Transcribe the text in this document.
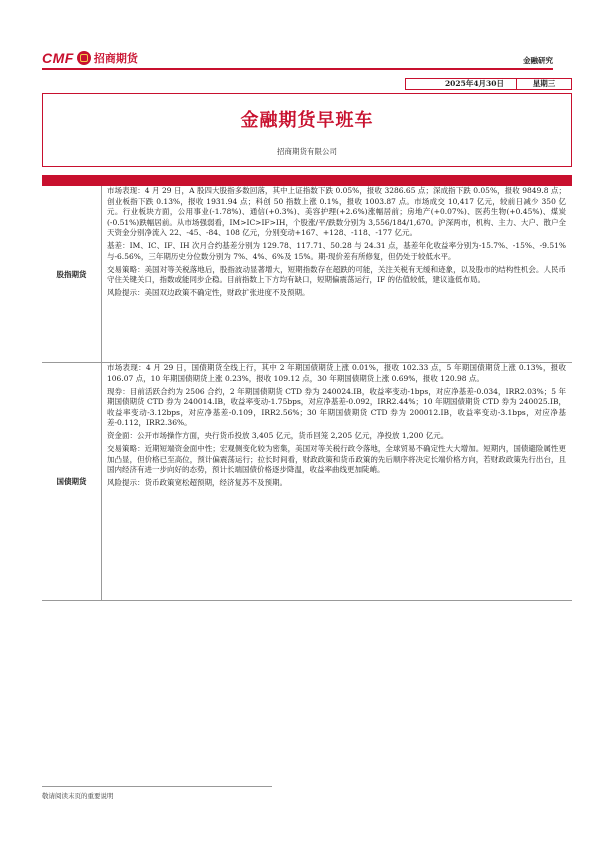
CMF 招商期货	金融研究
2025年4月30日	星期三
金融期货早班车
招商期货有限公司
股指期货

市场表现：4 月 29 日，A 股四大股指多数回落，其中上证指数下跌 0.05%，报收 3286.65 点；深成指下跌 0.05%，报收 9849.8 点；创业板指下跌 0.13%，报收 1931.94 点；科创 50 指数上涨 0.1%，报收 1003.87 点。市场成交 10,417 亿元，较前日减少 350 亿元。行业板块方面，公用事业(-1.78%)、通信(+0.3%)、美容护理(+2.6%)涨幅居前；房地产(+0.07%)、医药生物(+0.45%)、煤炭(-0.51%)跌幅居前。从市场强弱看，IM>IC>IF>IH，个股涨/平/跌数分别为 3,556/184/1,670。沪深两市，机构、主力、大户、散户全天资金分别净流入 22、-45、-84、108 亿元，分别变动+167、+128、-118、-177 亿元。

基差：IM、IC、IF、IH 次月合约基差分别为 129.78、117.71、50.28 与 24.31 点，基差年化收益率分别为-15.7%、-15%、-9.51%与-6.56%，三年期历史分位数分别为 7%、4%、6%及 15%。期-现价差有所修复，但仍处于较低水平。

交易策略：美国对等关税落地后，股指波动显著增大，短期指数存在超跌的可能，关注关税有无缓和迹象，以及股市的结构性机会。人民币守住关键关口，指数或能同步企稳。目前指数上下方均有缺口，短期偏震荡运行，IF 的估值较低，建议逢低布局。

风险提示：美国双边政策不确定性，财政扩张进度不及预期。

国债期货

市场表现：4 月 29 日，国债期货全线上行，其中 2 年期国债期货上涨 0.01%，报收 102.33 点，5 年期国债期货上涨 0.13%，报收 106.07 点，10 年期国债期货上涨 0.23%，报收 109.12 点，30 年期国债期货上涨 0.69%，报收 120.98 点。

现券：目前活跃合约为 2506 合约，2 年期国债期货 CTD 券为 240024.IB，收益率变动-1bps，对应净基差-0.034，IRR2.03%；5 年期国债期货 CTD 券为 240014.IB，收益率变动-1.75bps，对应净基差-0.092，IRR2.44%；10 年期国债期货 CTD 券为 240025.IB，收益率变动-3.12bps，对应净基差-0.109，IRR2.56%；30 年期国债期货 CTD 券为 200012.IB，收益率变动-3.1bps，对应净基差-0.112，IRR2.36%。

资金面：公开市场操作方面，央行货币投放 3,405 亿元，货币回笼 2,205 亿元，净投放 1,200 亿元。

交易策略：近期短端资金面中性；宏观侧变化较为密集，美国对等关税行政令落地，全球贸易不确定性大大增加。短期内，国债避险属性更加凸显，但价格已至高位，预计偏震荡运行；拉长时间看，财政政策和货币政策的先后顺序将决定长端价格方向，若财政政策先行出台，且国内经济有进一步向好的态势，预计长端国债价格逐步降温，收益率曲线更加陡峭。

风险提示：货币政策宽松超预期，经济复苏不及预期。

敬请阅读末页的重要说明
